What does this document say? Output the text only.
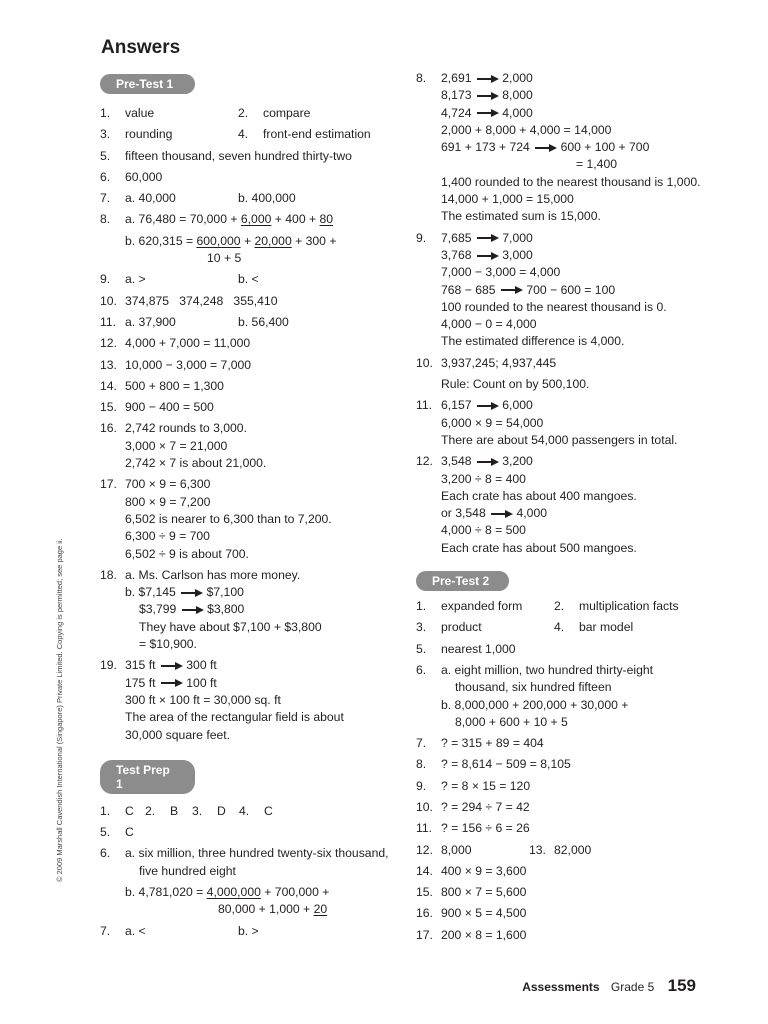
Answers
© 2009 Marshall Cavendish International (Singapore) Private Limited. Copying is permitted; see page ii.
Pre-Test 1
1. value	2. compare
3. rounding	4. front-end estimation
5. fifteen thousand, seven hundred thirty-two
6. 60,000
7. a. 40,000	b. 400,000
8. a. 76,480 = 70,000 + 6,000 + 400 + 80
b. 620,315 = 600,000 + 20,000 + 300 +
10 + 5
9. a. >	b. <
10. 374,875   374,248   355,410
11. a. 37,900	b. 56,400
12. 4,000 + 7,000 = 11,000
13. 10,000 − 3,000 = 7,000
14. 500 + 800 = 1,300
15. 900 − 400 = 500
16. 2,742 rounds to 3,000.
3,000 × 7 = 21,000
2,742 × 7 is about 21,000.
17. 700 × 9 = 6,300
800 × 9 = 7,200
6,502 is nearer to 6,300 than to 7,200.
6,300 ÷ 9 = 700
6,502 ÷ 9 is about 700.
18. a. Ms. Carlson has more money.
b. $7,145	$7,100
$3,799	$3,800
They have about $7,100 + $3,800
= $10,900.
19. 315 ft	300 ft
175 ft	100 ft
300 ft × 100 ft = 30,000 sq. ft
The area of the rectangular field is about
30,000 square feet.
Test Prep 1
1. C 2. B 3. D 4. C
5. C
6. a. six million, three hundred twenty-six thousand,
five hundred eight
b. 4,781,020 = 4,000,000 + 700,000 +
80,000 + 1,000 + 20
7. a. <	b. >
8. 2,691	2,000
8,173	8,000
4,724	4,000
2,000 + 8,000 + 4,000 = 14,000
691 + 173 + 724	600 + 100 + 700
= 1,400
1,400 rounded to the nearest thousand is 1,000.
14,000 + 1,000 = 15,000
The estimated sum is 15,000.
9. 7,685	7,000
3,768	3,000
7,000 − 3,000 = 4,000
768 − 685	700 − 600 = 100
100 rounded to the nearest thousand is 0.
4,000 − 0 = 4,000
The estimated difference is 4,000.
10. 3,937,245; 4,937,445
Rule: Count on by 500,100.
11. 6,157	6,000
6,000 × 9 = 54,000
There are about 54,000 passengers in total.
12. 3,548	3,200
3,200 ÷ 8 = 400
Each crate has about 400 mangoes.
or 3,548	4,000
4,000 ÷ 8 = 500
Each crate has about 500 mangoes.
Pre-Test 2
1. expanded form	2. multiplication facts
3. product	4. bar model
5. nearest 1,000
6. a. eight million, two hundred thirty-eight
thousand, six hundred fifteen
b. 8,000,000 + 200,000 + 30,000 +
8,000 + 600 + 10 + 5
7. ? = 315 + 89 = 404
8. ? = 8,614 − 509 = 8,105
9. ? = 8 × 15 = 120
10. ? = 294 ÷ 7 = 42
11. ? = 156 ÷ 6 = 26
12. 8,000	13. 82,000
14. 400 × 9 = 3,600
15. 800 × 7 = 5,600
16. 900 × 5 = 4,500
17. 200 × 8 = 1,600
Assessments Grade 5 159
